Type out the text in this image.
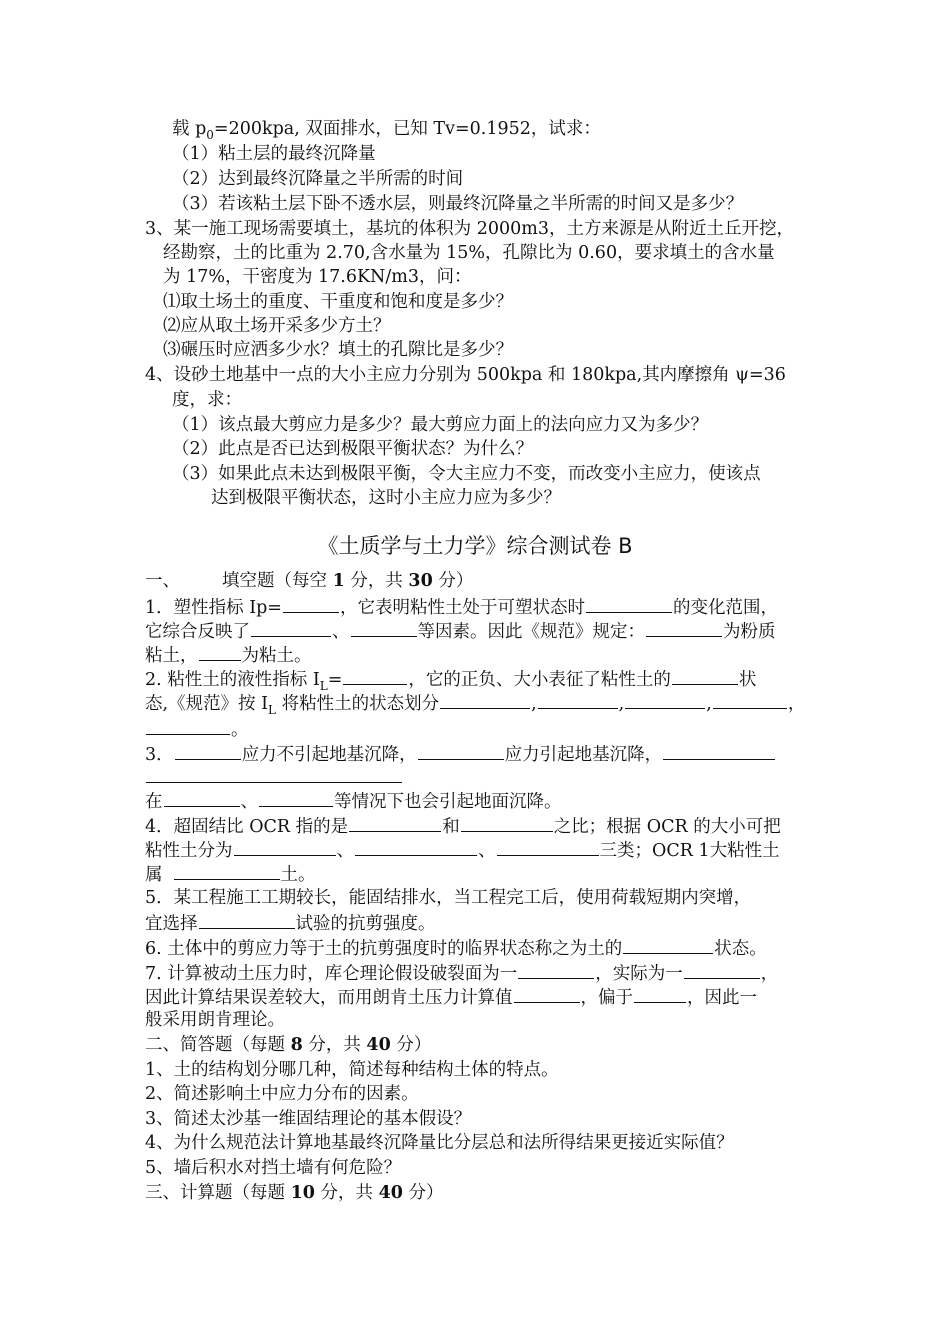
载 $p_0=200kpa$, 双面排水，已知 Tv=0.1952，试求：
（1）粘土层的最终沉降量
（2）达到最终沉降量之半所需的时间
（3）若该粘土层下卧不透水层，则最终沉降量之半所需的时间又是多少？
3、某一施工现场需要填土，基坑的体积为 2000m3，土方来源是从附近土丘开挖，
经勘察，土的比重为 2.70,含水量为 15%，孔隙比为 0.60，要求填土的含水量
为 17%，干密度为 17.6KN/m3，问：
⑴取土场土的重度、干重度和饱和度是多少？
⑵应从取土场开采多少方土？
⑶碾压时应洒多少水？填土的孔隙比是多少？
4、设砂土地基中一点的大小主应力分别为 500kpa 和 180kpa,其内摩擦角 ψ=36
度，求：
（1）该点最大剪应力是多少？最大剪应力面上的法向应力又为多少？
（2）此点是否已达到极限平衡状态？为什么？
（3）如果此点未达到极限平衡，令大主应力不变，而改变小主应力，使该点
达到极限平衡状态，这时小主应力应为多少？
《土质学与土力学》综合测试卷 B
一、 填空题（每空 1 分，共 30 分）
1．塑性指标 Ip=	，它表明粘性土处于可塑状态时	的变化范围，
它综合反映了	、	等因素。因此《规范》规定：	为粉质
粘土，	为粘土。
2. 粘性土的液性指标 $I_L=$	，它的正负、大小表征了粘性土的	状
态,《规范》按 $I_L$ 将粘性土的状态划分	,	,	,	，
。
3．	应力不引起地基沉降，	应力引起地基沉降，
在	、	等情况下也会引起地面沉降。
4．超固结比 OCR 指的是	和	之比；根据 OCR 的大小可把
粘性土分为	、	、	三类；OCR 1大粘性土
属	土。
5．某工程施工工期较长，能固结排水，当工程完工后，使用荷载短期内突增，
宜选择	试验的抗剪强度。
6. 土体中的剪应力等于土的抗剪强度时的临界状态称之为土的	状态。
7. 计算被动土压力时，库仑理论假设破裂面为一	，实际为一	，
因此计算结果误差较大，而用朗肯土压力计算值	，偏于	，因此一
般采用朗肯理论。
二、简答题（每题 8 分，共 40 分）
1、土的结构划分哪几种，简述每种结构土体的特点。
2、简述影响土中应力分布的因素。
3、简述太沙基一维固结理论的基本假设？
4、为什么规范法计算地基最终沉降量比分层总和法所得结果更接近实际值？
5、墙后积水对挡土墙有何危险？
三、计算题（每题 10 分，共 40 分）
